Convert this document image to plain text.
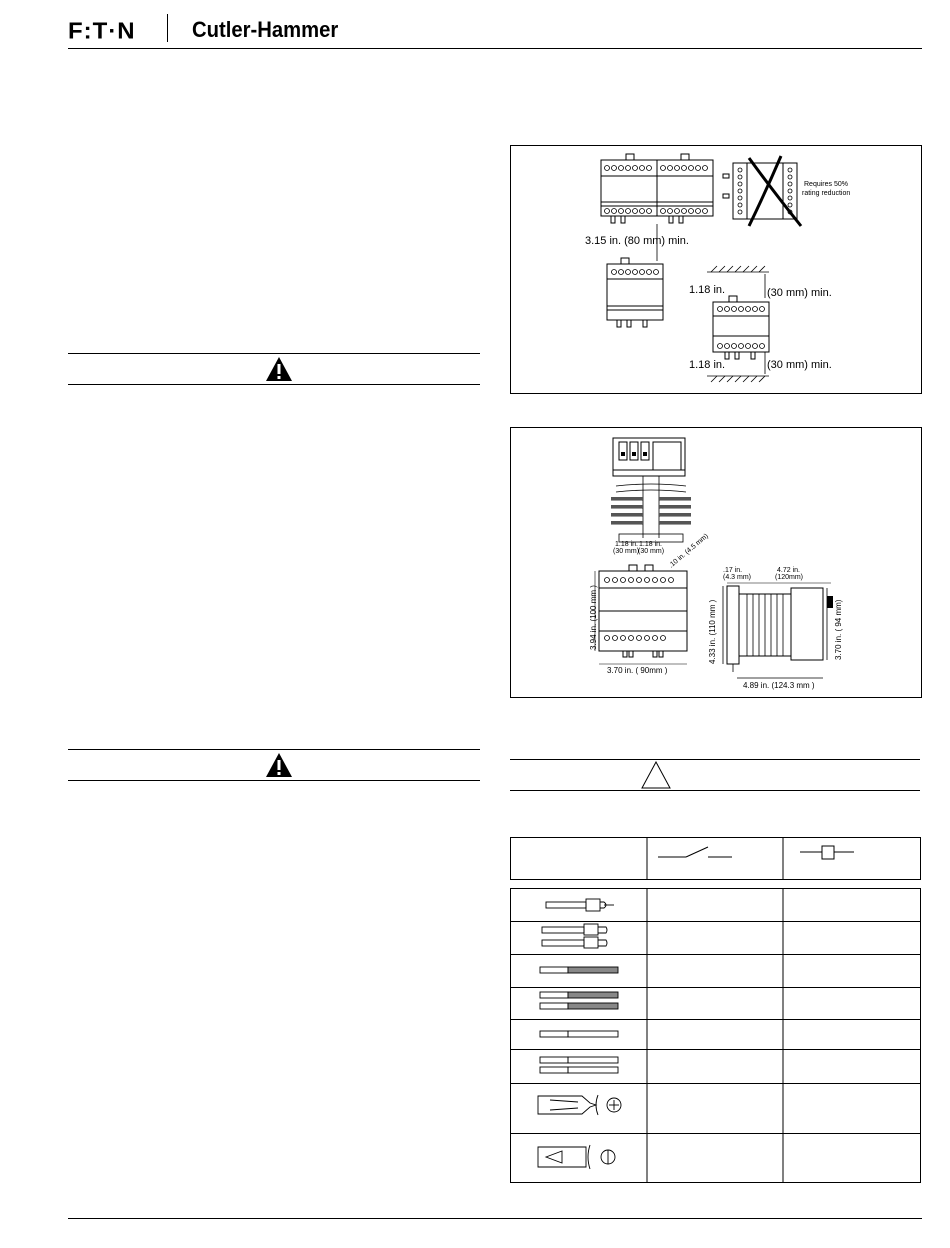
F:T·N	Cutler-Hammer
Requires 50%
rating reduction
3.15 in. (80 mm) min.
1.18 in.	(30 mm) min.
1.18 in.	(30 mm) min.
1.18 in.
(30 mm)
1.18 in.
(30 mm) .10 in. (4.5 mm)
3.94 in. (100 mm )
3.70 in. ( 90mm )
.17 in.
(4.3 mm)
4.72 in.
(120mm)
4.33 in. (110 mm )
4.89 in. (124.3 mm )
3.70 in. ( 94 mm)
